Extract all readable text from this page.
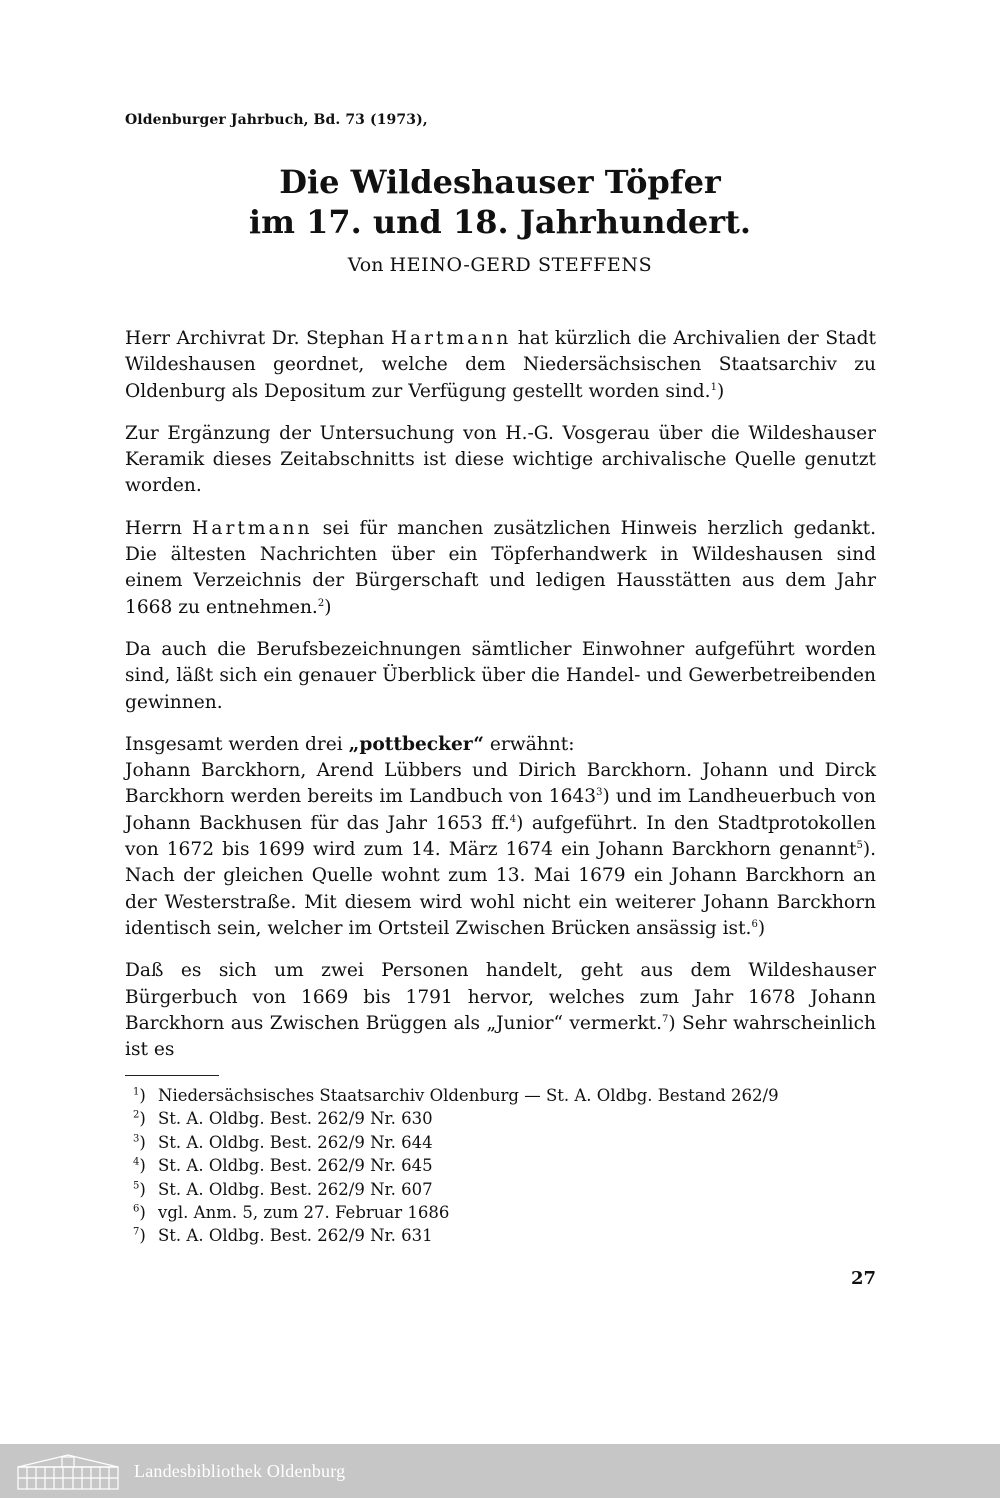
Oldenburger Jahrbuch, Bd. 73 (1973),
Die Wildeshauser Töpfer
im 17. und 18. Jahrhundert.
Von HEINO-GERD STEFFENS

Herr Archivrat Dr. Stephan Hartmann hat kürzlich die Archivalien der Stadt Wildeshausen geordnet, welche dem Niedersächsischen Staatsarchiv zu Oldenburg als Depositum zur Verfügung gestellt worden sind.$^1$)

Zur Ergänzung der Untersuchung von H.-G. Vosgerau über die Wildeshauser Keramik dieses Zeitabschnitts ist diese wichtige archivalische Quelle genutzt worden.

Herrn Hartmann sei für manchen zusätzlichen Hinweis herzlich gedankt. Die ältesten Nachrichten über ein Töpferhandwerk in Wildeshausen sind einem Verzeichnis der Bürgerschaft und ledigen Hausstätten aus dem Jahr 1668 zu entnehmen.$^2$)

Da auch die Berufsbezeichnungen sämtlicher Einwohner aufgeführt worden sind, läßt sich ein genauer Überblick über die Handel- und Gewerbetreibenden gewinnen.

Insgesamt werden drei „pottbecker“ erwähnt:

Johann Barckhorn, Arend Lübbers und Dirich Barckhorn. Johann und Dirck Barckhorn werden bereits im Landbuch von 1643$^3$) und im Landheuerbuch von Johann Backhusen für das Jahr 1653 ff.$^4$) aufgeführt. In den Stadtprotokollen von 1672 bis 1699 wird zum 14. März 1674 ein Johann Barckhorn genannt$^5$). Nach der gleichen Quelle wohnt zum 13. Mai 1679 ein Johann Barckhorn an der Westerstraße. Mit diesem wird wohl nicht ein weiterer Johann Barckhorn identisch sein, welcher im Ortsteil Zwischen Brücken ansässig ist.$^6$)

Daß es sich um zwei Personen handelt, geht aus dem Wildeshauser Bürgerbuch von 1669 bis 1791 hervor, welches zum Jahr 1678 Johann Barckhorn aus Zwischen Brüggen als „Junior“ vermerkt.$^7$) Sehr wahrscheinlich ist es

$^1$) Niedersächsisches Staatsarchiv Oldenburg — St. A. Oldbg. Bestand 262/9
$^2$) St. A. Oldbg. Best. 262/9 Nr. 630
$^3$) St. A. Oldbg. Best. 262/9 Nr. 644
$^4$) St. A. Oldbg. Best. 262/9 Nr. 645
$^5$) St. A. Oldbg. Best. 262/9 Nr. 607
$^6$) vgl. Anm. 5, zum 27. Februar 1686
$^7$) St. A. Oldbg. Best. 262/9 Nr. 631
27
Landesbibliothek Oldenburg
